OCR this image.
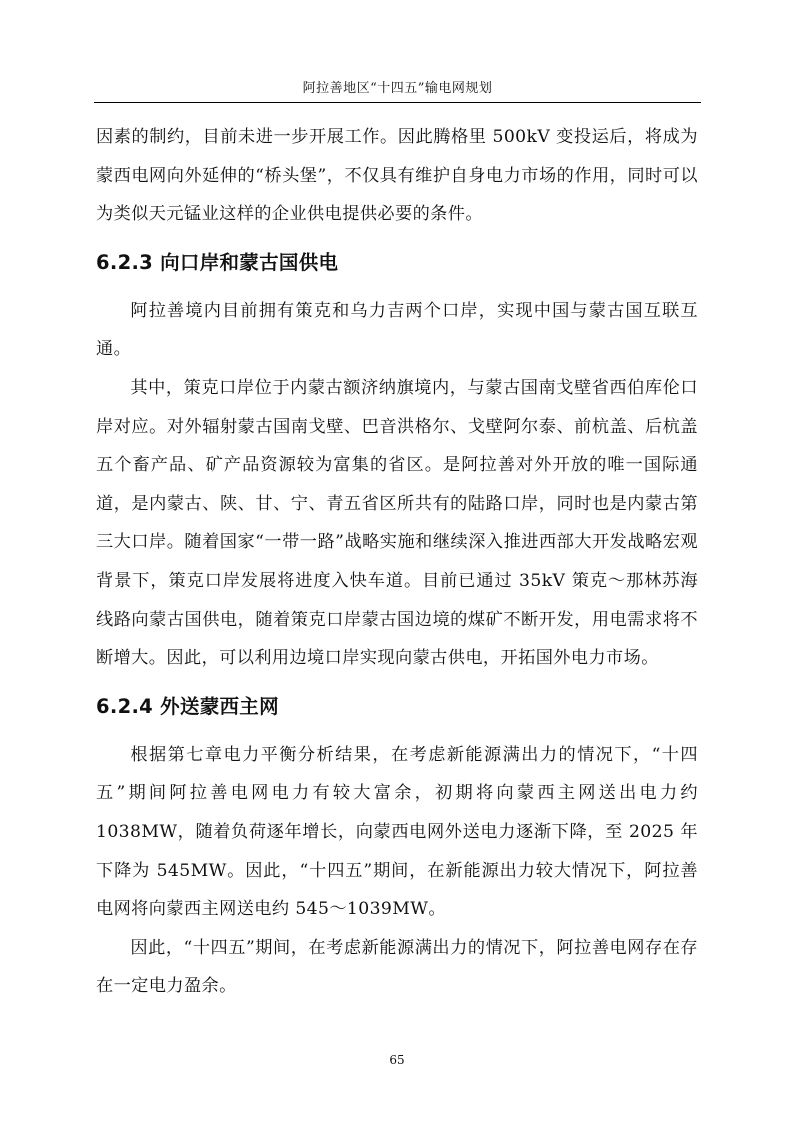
阿拉善地区“十四五”输电网规划

因素的制约，目前未进一步开展工作。因此腾格里 500kV 变投运后，将成为蒙西电网向外延伸的“桥头堡”，不仅具有维护自身电力市场的作用，同时可以为类似天元锰业这样的企业供电提供必要的条件。

6.2.3 向口岸和蒙古国供电

阿拉善境内目前拥有策克和乌力吉两个口岸，实现中国与蒙古国互联互通。

其中，策克口岸位于内蒙古额济纳旗境内，与蒙古国南戈壁省西伯库伦口岸对应。对外辐射蒙古国南戈壁、巴音洪格尔、戈壁阿尔泰、前杭盖、后杭盖五个畜产品、矿产品资源较为富集的省区。是阿拉善对外开放的唯一国际通道，是内蒙古、陕、甘、宁、青五省区所共有的陆路口岸，同时也是内蒙古第三大口岸。随着国家“一带一路”战略实施和继续深入推进西部大开发战略宏观背景下，策克口岸发展将进度入快车道。目前已通过 35kV 策克～那林苏海线路向蒙古国供电，随着策克口岸蒙古国边境的煤矿不断开发，用电需求将不断增大。因此，可以利用边境口岸实现向蒙古供电，开拓国外电力市场。

6.2.4 外送蒙西主网

根据第七章电力平衡分析结果，在考虑新能源满出力的情况下，“十四五”期间阿拉善电网电力有较大富余，初期将向蒙西主网送出电力约 1038MW，随着负荷逐年增长，向蒙西电网外送电力逐渐下降，至 2025 年下降为 545MW。因此，“十四五”期间，在新能源出力较大情况下，阿拉善电网将向蒙西主网送电约 545～1039MW。

因此，“十四五”期间，在考虑新能源满出力的情况下，阿拉善电网存在存在一定电力盈余。

65
